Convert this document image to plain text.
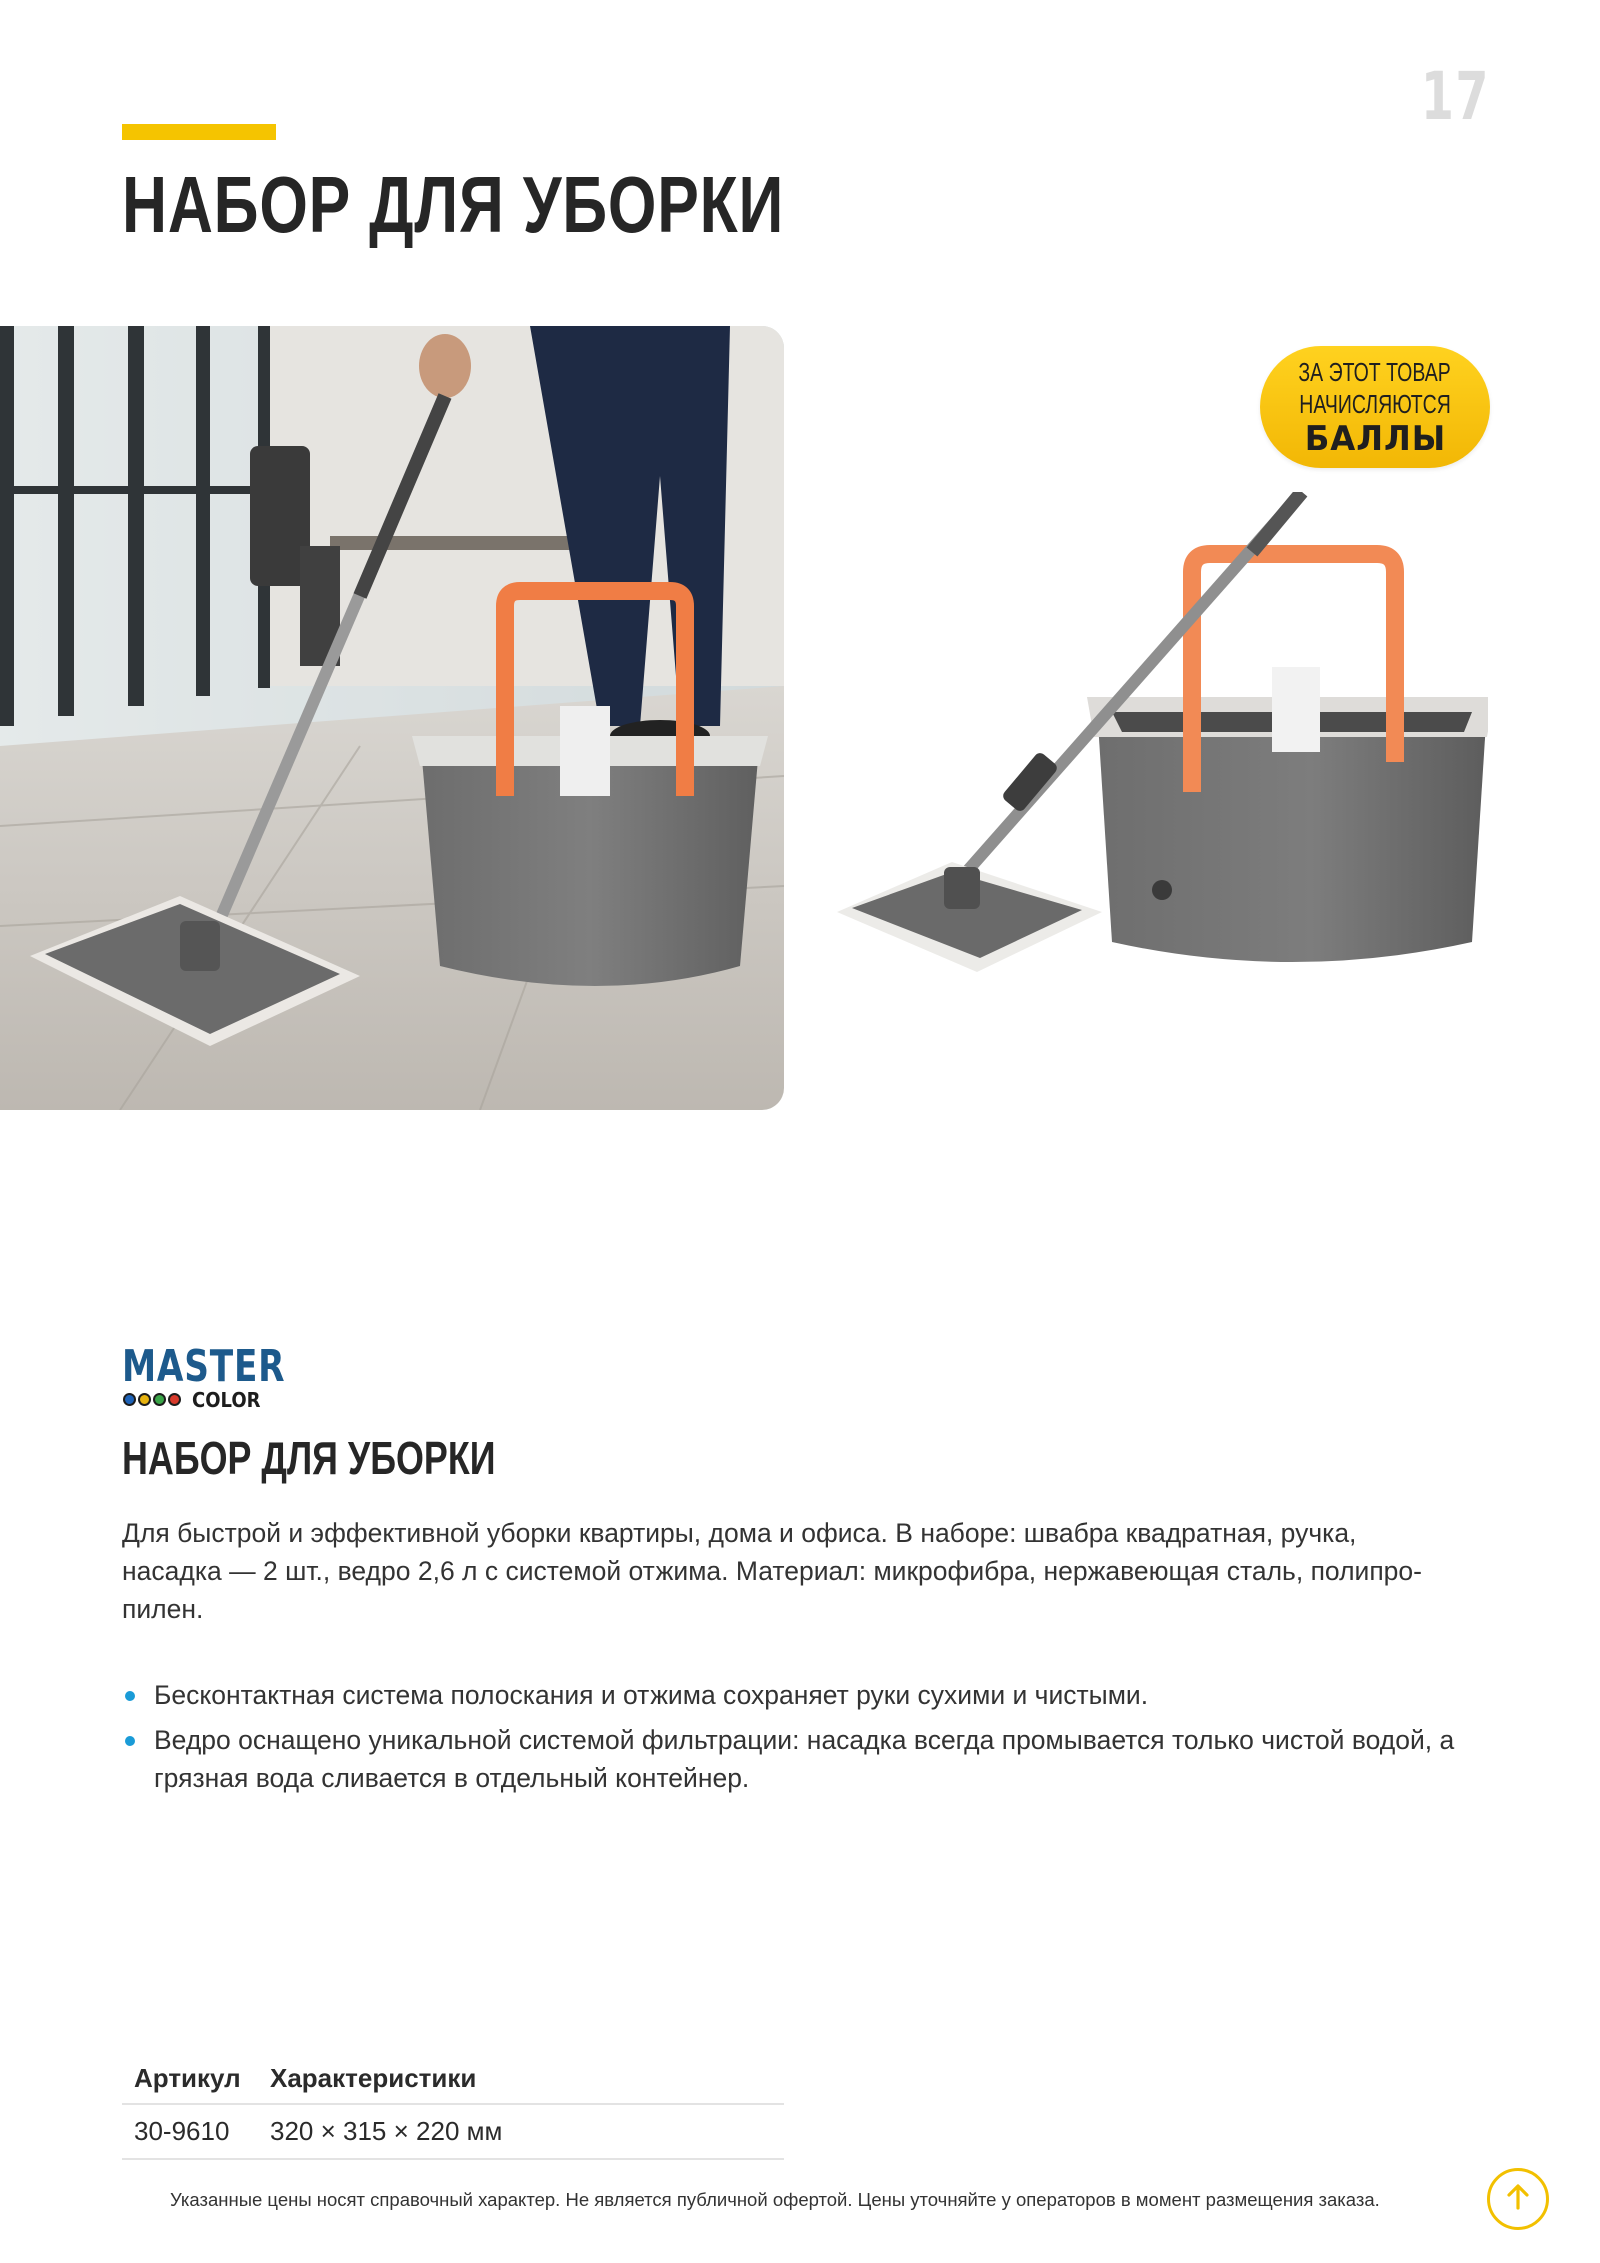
17
НАБОР ДЛЯ УБОРКИ
ЗА ЭТОТ ТОВАР
НАЧИСЛЯЮТСЯ
БАЛЛЫ
MASTER
COLOR
НАБОР ДЛЯ УБОРКИ

Для быстрой и эффективной уборки квартиры, дома и офиса. В наборе: швабра квадратная, ручка, насадка — 2 шт., ведро 2,6 л с системой отжима. Материал: микрофибра, нержавеющая сталь, полипропилен.

Бесконтактная система полоскания и отжима сохраняет руки сухими и чистыми.
Ведро оснащено уникальной системой фильтрации: насадка всегда промывается только чистой водой, а грязная вода сливается в отдельный контейнер.
Артикул	Характеристики
30-9610	320 × 315 × 220 мм
Указанные цены носят справочный характер. Не является публичной офертой. Цены уточняйте у операторов в момент размещения заказа.
